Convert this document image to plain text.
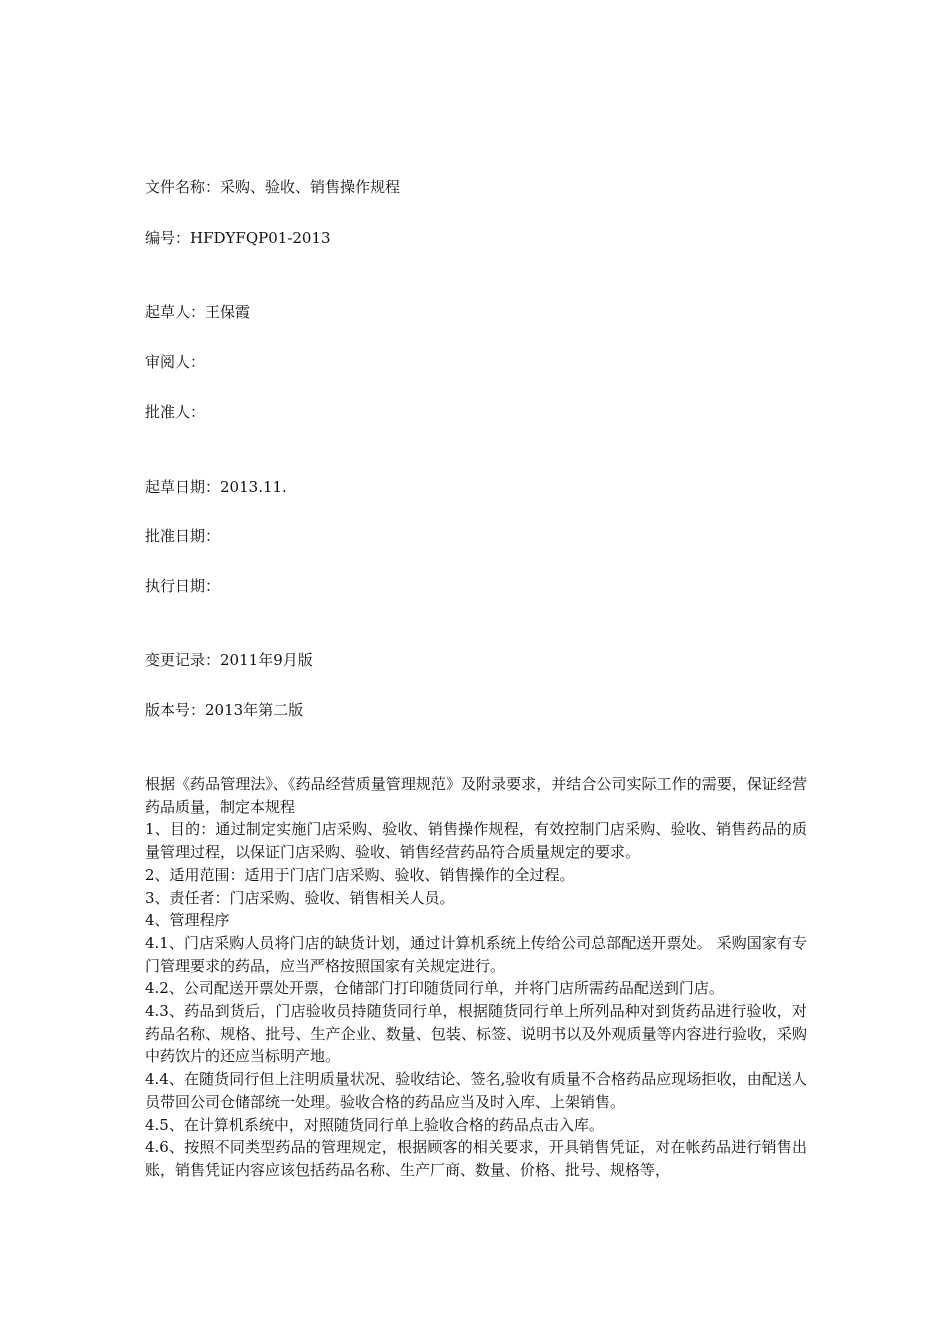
文件名称：采购、验收、销售操作规程
编号：HFDYFQP01-2013
起草人：王保霞
审阅人：
批准人：
起草日期：2013.11.
批准日期：
执行日期：
变更记录：2011年9月版
版本号：2013年第二版

根据《药品管理法》、《药品经营质量管理规范》及附录要求，并结合公司实际工作的需要，保证经营药品质量，制定本规程

1、目的：通过制定实施门店采购、验收、销售操作规程，有效控制门店采购、验收、销售药品的质量管理过程，以保证门店采购、验收、销售经营药品符合质量规定的要求。

2、适用范围：适用于门店门店采购、验收、销售操作的全过程。

3、责任者：门店采购、验收、销售相关人员。

4、管理程序

4.1、门店采购人员将门店的缺货计划，通过计算机系统上传给公司总部配送开票处。 采购国家有专门管理要求的药品，应当严格按照国家有关规定进行。

4.2、公司配送开票处开票，仓储部门打印随货同行单，并将门店所需药品配送到门店。

4.3、药品到货后，门店验收员持随货同行单，根据随货同行单上所列品种对到货药品进行验收，对药品名称、规格、批号、生产企业、数量、包装、标签、说明书以及外观质量等内容进行验收，采购中药饮片的还应当标明产地。

4.4、在随货同行但上注明质量状况、验收结论、签名,验收有质量不合格药品应现场拒收，由配送人员带回公司仓储部统一处理。验收合格的药品应当及时入库、上架销售。

4.5、在计算机系统中，对照随货同行单上验收合格的药品点击入库。

4.6、按照不同类型药品的管理规定，根据顾客的相关要求，开具销售凭证，对在帐药品进行销售出账，销售凭证内容应该包括药品名称、生产厂商、数量、价格、批号、规格等，
